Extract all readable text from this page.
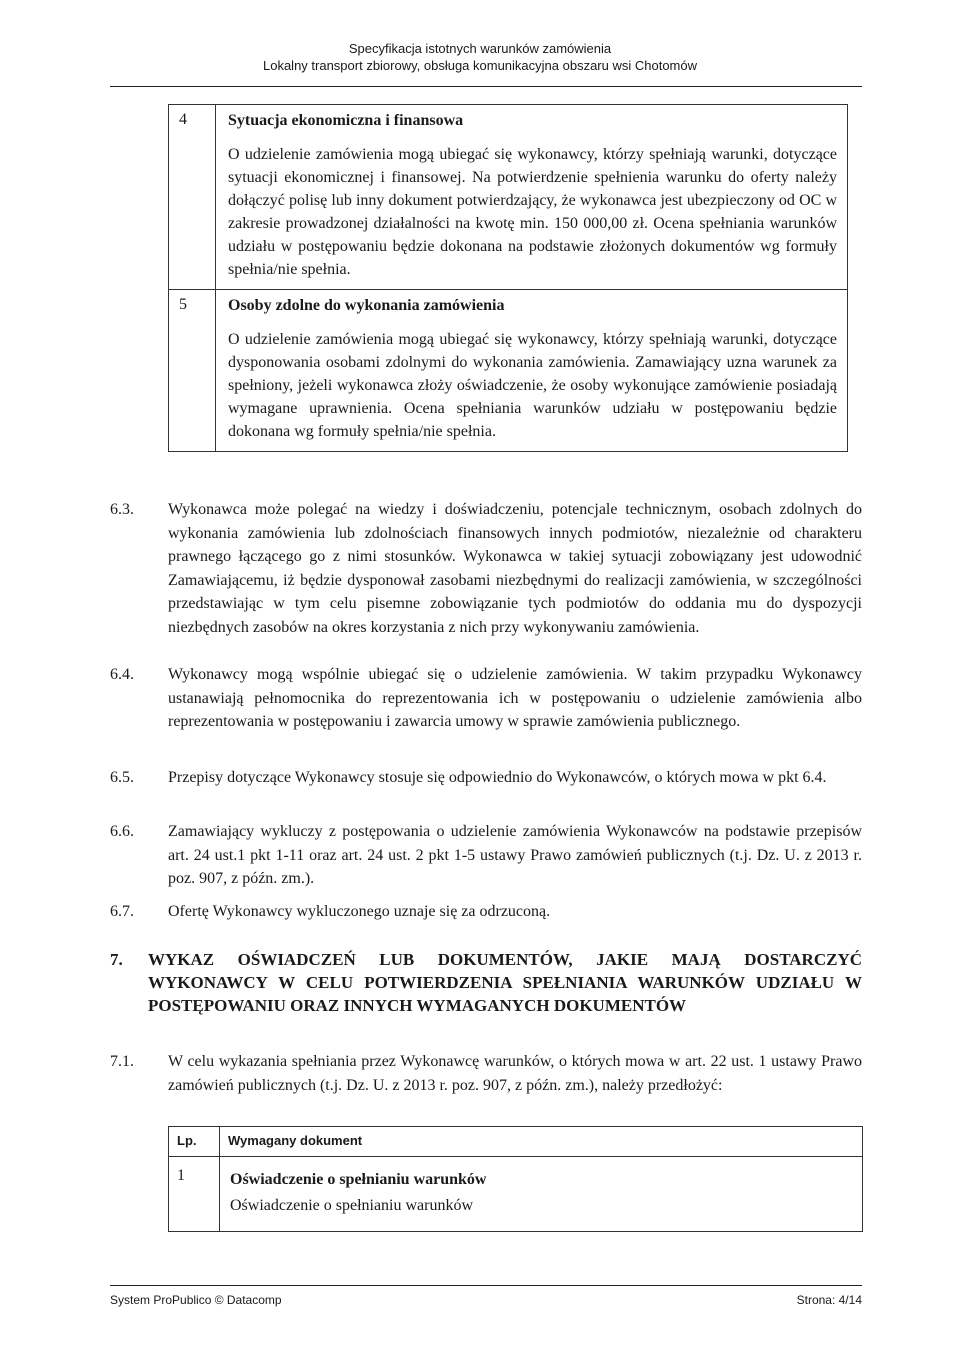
Specyfikacja istotnych warunków zamówienia
Lokalny transport zbiorowy, obsługa komunikacyjna obszaru wsi Chotomów
4	Sytuacja ekonomiczna i finansowa
O udzielenie zamówienia mogą ubiegać się wykonawcy, którzy spełniają warunki, dotyczące sytuacji ekonomicznej i finansowej. Na potwierdzenie spełnienia warunku do oferty należy dołączyć polisę lub inny dokument potwierdzający, że wykonawca jest ubezpieczony od OC w zakresie prowadzonej działalności na kwotę min. 150 000,00 zł. Ocena spełniania warunków udziału w postępowaniu będzie dokonana na podstawie złożonych dokumentów wg formuły spełnia/nie spełnia.

5	Osoby zdolne do wykonania zamówienia
O udzielenie zamówienia mogą ubiegać się wykonawcy, którzy spełniają warunki, dotyczące dysponowania osobami zdolnymi do wykonania zamówienia. Zamawiający uzna warunek za spełniony, jeżeli wykonawca złoży oświadczenie, że osoby wykonujące zamówienie posiadają wymagane uprawnienia. Ocena spełniania warunków udziału w postępowaniu będzie dokonana wg formuły spełnia/nie spełnia.
6.3. Wykonawca może polegać na wiedzy i doświadczeniu, potencjale technicznym, osobach zdolnych do wykonania zamówienia lub zdolnościach finansowych innych podmiotów, niezależnie od charakteru prawnego łączącego go z nimi stosunków. Wykonawca w takiej sytuacji zobowiązany jest udowodnić Zamawiającemu, iż będzie dysponował zasobami niezbędnymi do realizacji zamówienia, w szczególności przedstawiając w tym celu pisemne zobowiązanie tych podmiotów do oddania mu do dyspozycji niezbędnych zasobów na okres korzystania z nich przy wykonywaniu zamówienia.
6.4. Wykonawcy mogą wspólnie ubiegać się o udzielenie zamówienia. W takim przypadku Wykonawcy ustanawiają pełnomocnika do reprezentowania ich w postępowaniu o udzielenie zamówienia albo reprezentowania w postępowaniu i zawarcia umowy w sprawie zamówienia publicznego.
6.5. Przepisy dotyczące Wykonawcy stosuje się odpowiednio do Wykonawców, o których mowa w pkt 6.4.
6.6. Zamawiający wykluczy z postępowania o udzielenie zamówienia Wykonawców na podstawie przepisów art. 24 ust.1 pkt 1-11 oraz art. 24 ust. 2 pkt 1-5 ustawy Prawo zamówień publicznych (t.j. Dz. U. z 2013 r. poz. 907, z późn. zm.).
6.7. Ofertę Wykonawcy wykluczonego uznaje się za odrzuconą.
7. WYKAZ OŚWIADCZEŃ LUB DOKUMENTÓW, JAKIE MAJĄ DOSTARCZYĆ WYKONAWCY W CELU POTWIERDZENIA SPEŁNIANIA WARUNKÓW UDZIAŁU W POSTĘPOWANIU ORAZ INNYCH WYMAGANYCH DOKUMENTÓW
7.1. W celu wykazania spełniania przez Wykonawcę warunków, o których mowa w art. 22 ust. 1 ustawy Prawo zamówień publicznych (t.j. Dz. U. z 2013 r. poz. 907, z późn. zm.), należy przedłożyć:
Lp.	Wymagany dokument
1	Oświadczenie o spełnianiu warunków
Oświadczenie o spełnianiu warunków
System ProPublico © Datacomp	Strona: 4/14
